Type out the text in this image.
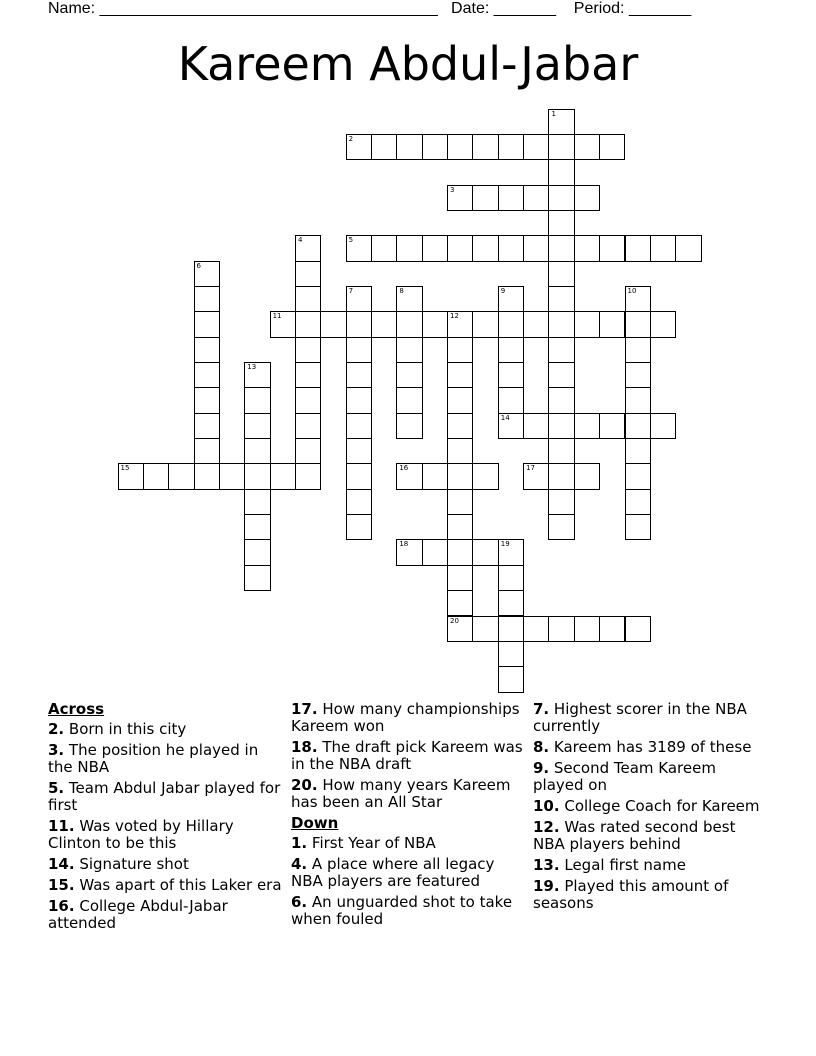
Name: ______________________________________   Date: _______    Period: _______
Kareem Abdul-Jabar
1
2
3
4	5
6
7	8	9
14
10
11	12
20
13
15	16	17
18	19
Across
2. Born in this city
3. The position he played in the NBA
5. Team Abdul Jabar played for first
11. Was voted by Hillary Clinton to be this
14. Signature shot
15. Was apart of this Laker era
16. College Abdul-Jabar attended
17. How many championships Kareem won
18. The draft pick Kareem was in the NBA draft
20. How many years Kareem has been an All Star
Down
1. First Year of NBA
4. A place where all legacy NBA players are featured
6. An unguarded shot to take when fouled
7. Highest scorer in the NBA currently
8. Kareem has 3189 of these
9. Second Team Kareem played on
10. College Coach for Kareem
12. Was rated second best NBA players behind
13. Legal first name
19. Played this amount of seasons
